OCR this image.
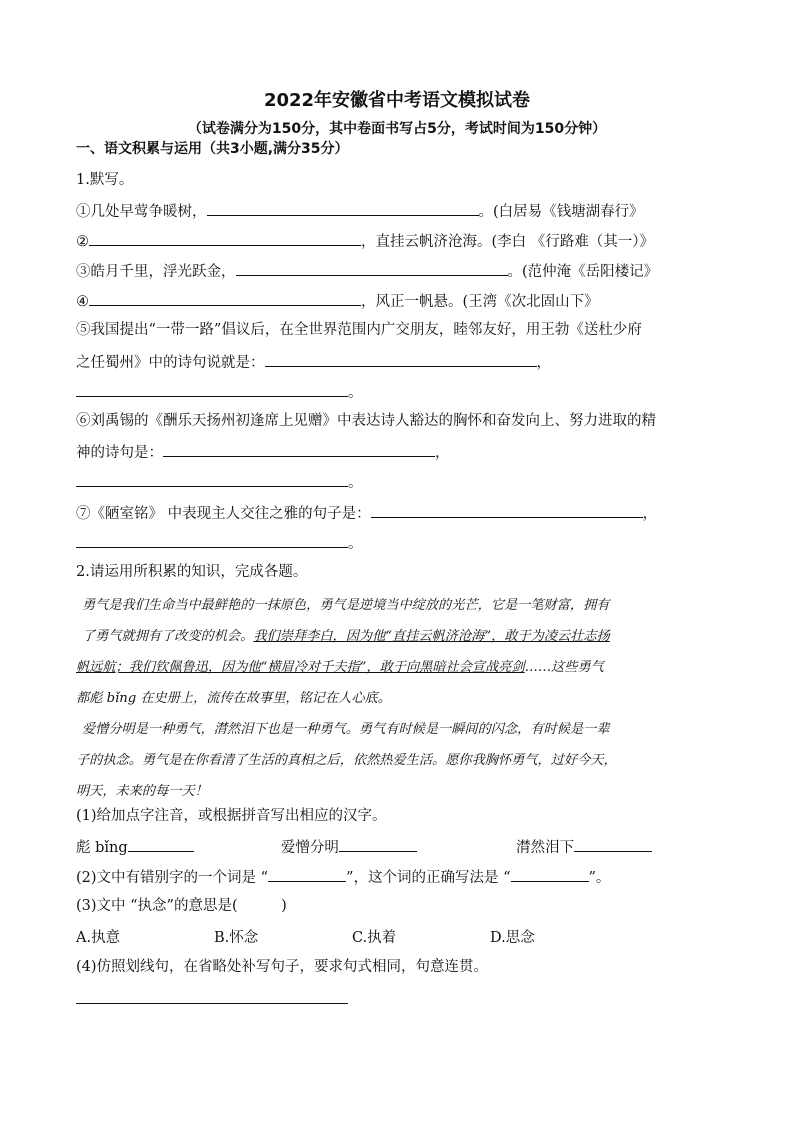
2022年安徽省中考语文模拟试卷
（试卷满分为150分，其中卷面书写占5分，考试时间为150分钟）
一、语文积累与运用（共3小题,满分35分）
1.默写。
①几处早莺争暖树，	。(白居易《钱塘湖春行》
②	，直挂云帆济沧海。(李白 《行路难（其一）》
③皓月千里，浮光跃金，	。(范仲淹《岳阳楼记》
④	，风正一帆悬。(王湾《次北固山下》
⑤我国提出“一带一路”倡议后，在全世界范围内广交朋友，睦邻友好，用王勃《送杜少府
之任蜀州》中的诗句说就是：	，
。
⑥刘禹锡的《酬乐天扬州初逢席上见赠》中表达诗人豁达的胸怀和奋发向上、努力进取的精
神的诗句是：	，
。
⑦《陋室铭》 中表现主人交往之雅的句子是：	，
。
2.请运用所积累的知识，完成各题。
勇气是我们生命当中最鲜艳的一抹原色，勇气是逆境当中绽放的光芒，它是一笔财富，拥有
了勇气就拥有了改变的机会。我们崇拜李白，因为他“直挂云帆济沧海”，敢于为凌云壮志扬
帆远航；我们钦佩鲁迅，因为他“横眉冷对千夫指”，敢于向黑暗社会宣战亮剑……这些勇气
都彪 bǐng 在史册上，流传在故事里，铭记在人心底。
爱憎分明是一种勇气，潸然泪下也是一种勇气。勇气有时候是一瞬间的闪念，有时候是一辈
子的执念。勇气是在你看清了生活的真相之后，依然热爱生活。愿你我胸怀勇气，过好今天，
明天，未来的每一天！
(1)给加点字注音，或根据拼音写出相应的汉字。
彪 bǐng	爱憎分明	潸然泪下
(2)文中有错别字的一个词是 “	”，这个词的正确写法是 “	”。
(3)文中 “执念”的意思是(　　　)
A.执意	B.怀念	C.执着	D.思念
(4)仿照划线句，在省略处补写句子，要求句式相同，句意连贯。
